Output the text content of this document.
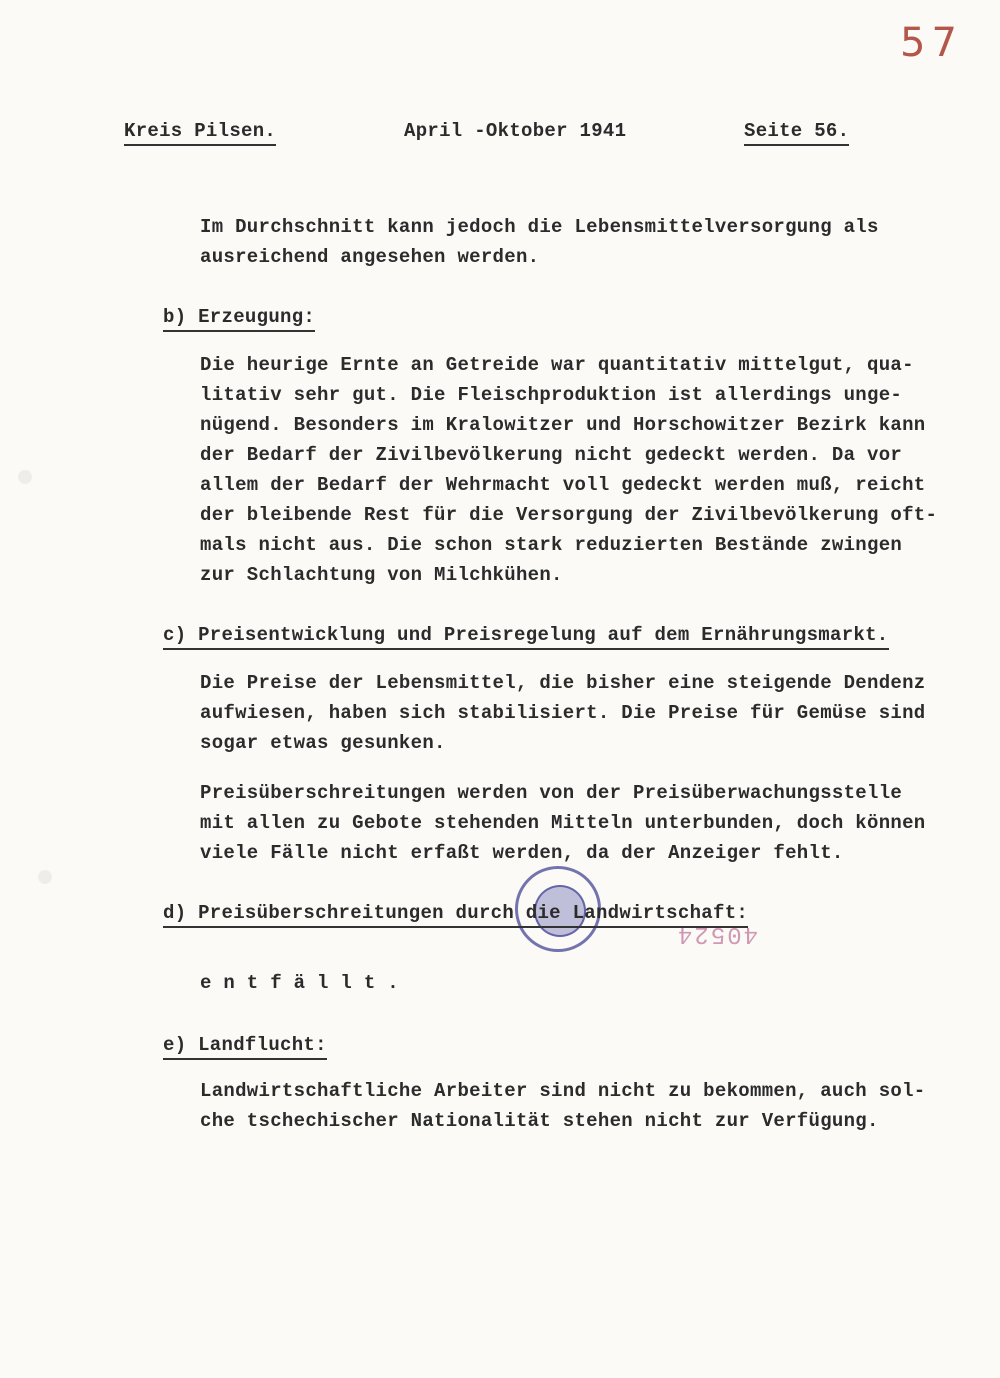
57
Kreis Pilsen.	April -Oktober 1941	Seite 56.
Im Durchschnitt kann jedoch die Lebensmittelversorgung als
ausreichend angesehen werden.
b) Erzeugung:
Die heurige Ernte an Getreide war quantitativ mittelgut, qua-
litativ sehr gut. Die Fleischproduktion ist allerdings unge-
nügend. Besonders im Kralowitzer und Horschowitzer Bezirk kann
der Bedarf der Zivilbevölkerung nicht gedeckt werden. Da vor
allem der Bedarf der Wehrmacht voll gedeckt werden muß, reicht
der bleibende Rest für die Versorgung der Zivilbevölkerung oft-
mals nicht aus. Die schon stark reduzierten Bestände zwingen
zur Schlachtung von Milchkühen.
c) Preisentwicklung und Preisregelung auf dem Ernährungsmarkt.
Die Preise der Lebensmittel, die bisher eine steigende Dendenz
aufwiesen, haben sich stabilisiert. Die Preise für Gemüse sind
sogar etwas gesunken.
Preisüberschreitungen werden von der Preisüberwachungsstelle
mit allen zu Gebote stehenden Mitteln unterbunden, doch können
viele Fälle nicht erfaßt werden, da der Anzeiger fehlt.
40524
d) Preisüberschreitungen durch die Landwirtschaft:
e n t f ä l l t .
e) Landflucht:
Landwirtschaftliche Arbeiter sind nicht zu bekommen, auch sol-
che tschechischer Nationalität stehen nicht zur Verfügung.
